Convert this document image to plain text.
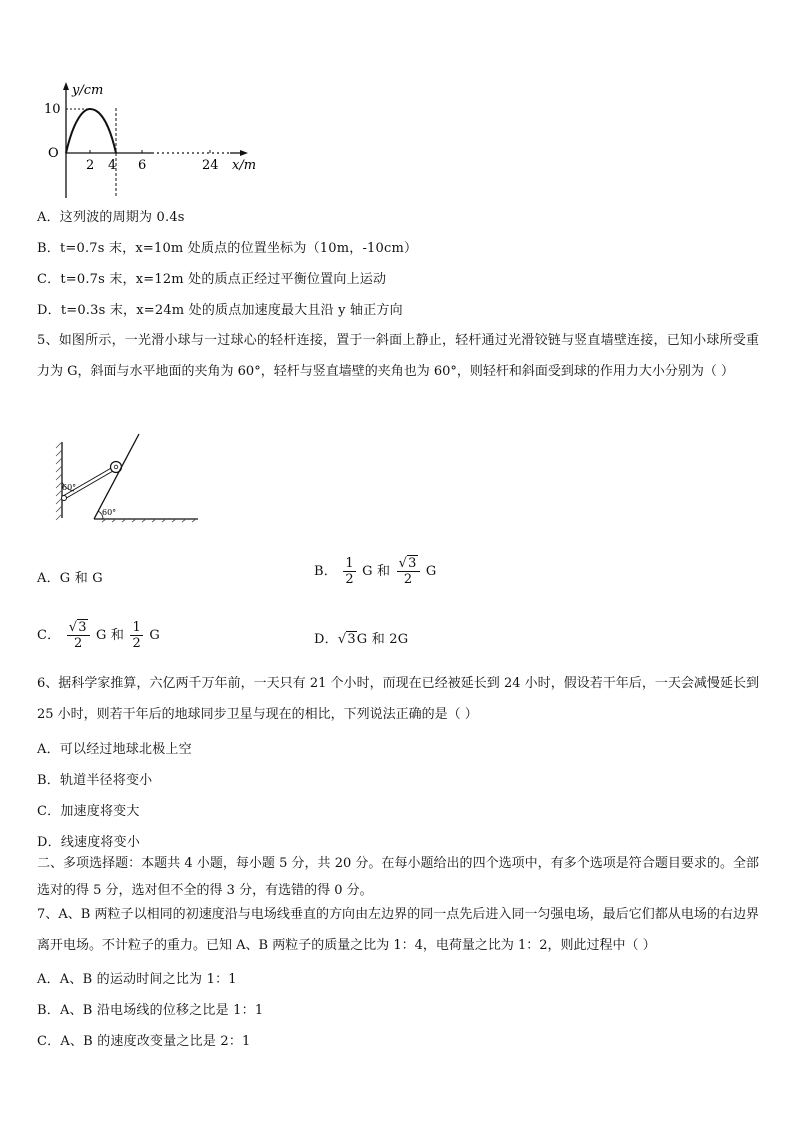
y/cm
10
O
2 4 6	24 x/m
A．这列波的周期为 0.4s
B．t=0.7s 末，x=10m 处质点的位置坐标为（10m，-10cm）
C．t=0.7s 末，x=12m 处的质点正经过平衡位置向上运动
D．t=0.3s 末，x=24m 处的质点加速度最大且沿 y 轴正方向
5、如图所示，一光滑小球与一过球心的轻杆连接，置于一斜面上静止，轻杆通过光滑铰链与竖直墙壁连接，已知小球所受重力为 G，斜面与水平地面的夹角为 60°，轻杆与竖直墙壁的夹角也为 60°，则轻杆和斜面受到球的作用力大小分别为（ ）
60°
60°
A．G 和 G	B． $\frac{1}{2}$ G 和 $\frac{√3}{2}$ G
C． $\frac{√3}{2}$ G 和 $\frac{1}{2}$ G	D．√3G 和 2G
6、据科学家推算，六亿两千万年前，一天只有 21 个小时，而现在已经被延长到 24 小时，假设若干年后，一天会减慢延长到 25 小时，则若干年后的地球同步卫星与现在的相比，下列说法正确的是（ ）
A．可以经过地球北极上空
B．轨道半径将变小
C．加速度将变大
D．线速度将变小
二、多项选择题：本题共 4 小题，每小题 5 分，共 20 分。在每小题给出的四个选项中，有多个选项是符合题目要求的。全部选对的得 5 分，选对但不全的得 3 分，有选错的得 0 分。
7、A、B 两粒子以相同的初速度沿与电场线垂直的方向由左边界的同一点先后进入同一匀强电场，最后它们都从电场的右边界离开电场。不计粒子的重力。已知 A、B 两粒子的质量之比为 1：4，电荷量之比为 1：2，则此过程中（ ）
A．A、B 的运动时间之比为 1：1
B．A、B 沿电场线的位移之比是 1：1
C．A、B 的速度改变量之比是 2：1
